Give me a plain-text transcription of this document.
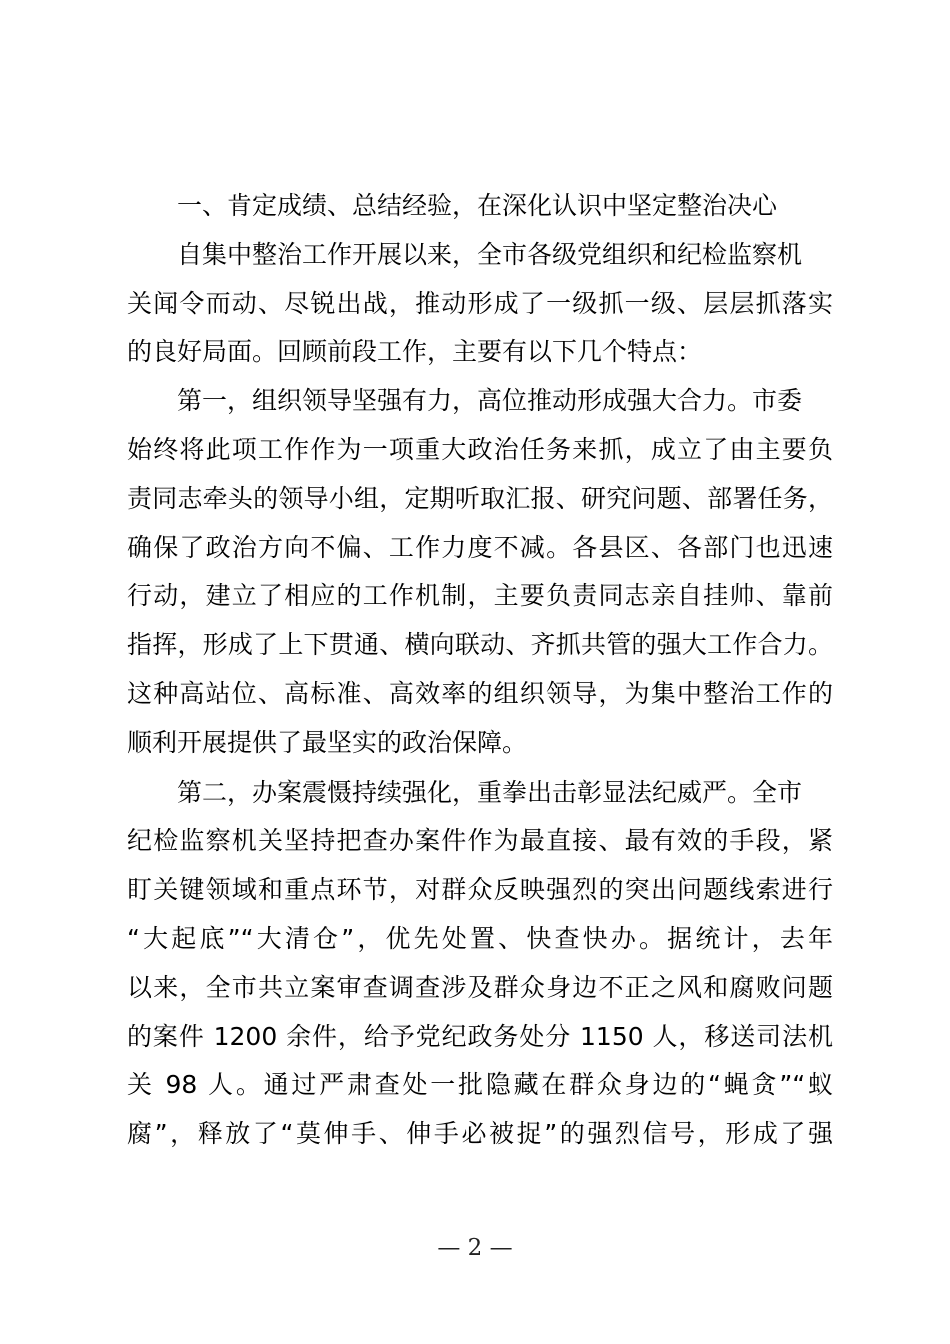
一、肯定成绩、总结经验，在深化认识中坚定整治决心
自集中整治工作开展以来，全市各级党组织和纪检监察机
关闻令而动、尽锐出战，推动形成了一级抓一级、层层抓落实
的良好局面。回顾前段工作，主要有以下几个特点：
第一，组织领导坚强有力，高位推动形成强大合力。市委
始终将此项工作作为一项重大政治任务来抓，成立了由主要负
责同志牵头的领导小组，定期听取汇报、研究问题、部署任务，
确保了政治方向不偏、工作力度不减。各县区、各部门也迅速
行动，建立了相应的工作机制，主要负责同志亲自挂帅、靠前
指挥，形成了上下贯通、横向联动、齐抓共管的强大工作合力。
这种高站位、高标准、高效率的组织领导，为集中整治工作的
顺利开展提供了最坚实的政治保障。
第二，办案震慑持续强化，重拳出击彰显法纪威严。全市
纪检监察机关坚持把查办案件作为最直接、最有效的手段，紧
盯关键领域和重点环节，对群众反映强烈的突出问题线索进行
“大起底”“大清仓”，优先处置、快查快办。据统计，去年
以来，全市共立案审查调查涉及群众身边不正之风和腐败问题
的案件 1200 余件，给予党纪政务处分 1150 人，移送司法机
关 98 人。通过严肃查处一批隐藏在群众身边的“蝇贪”“蚁
腐”，释放了“莫伸手、伸手必被捉”的强烈信号，形成了强
— 2 —
